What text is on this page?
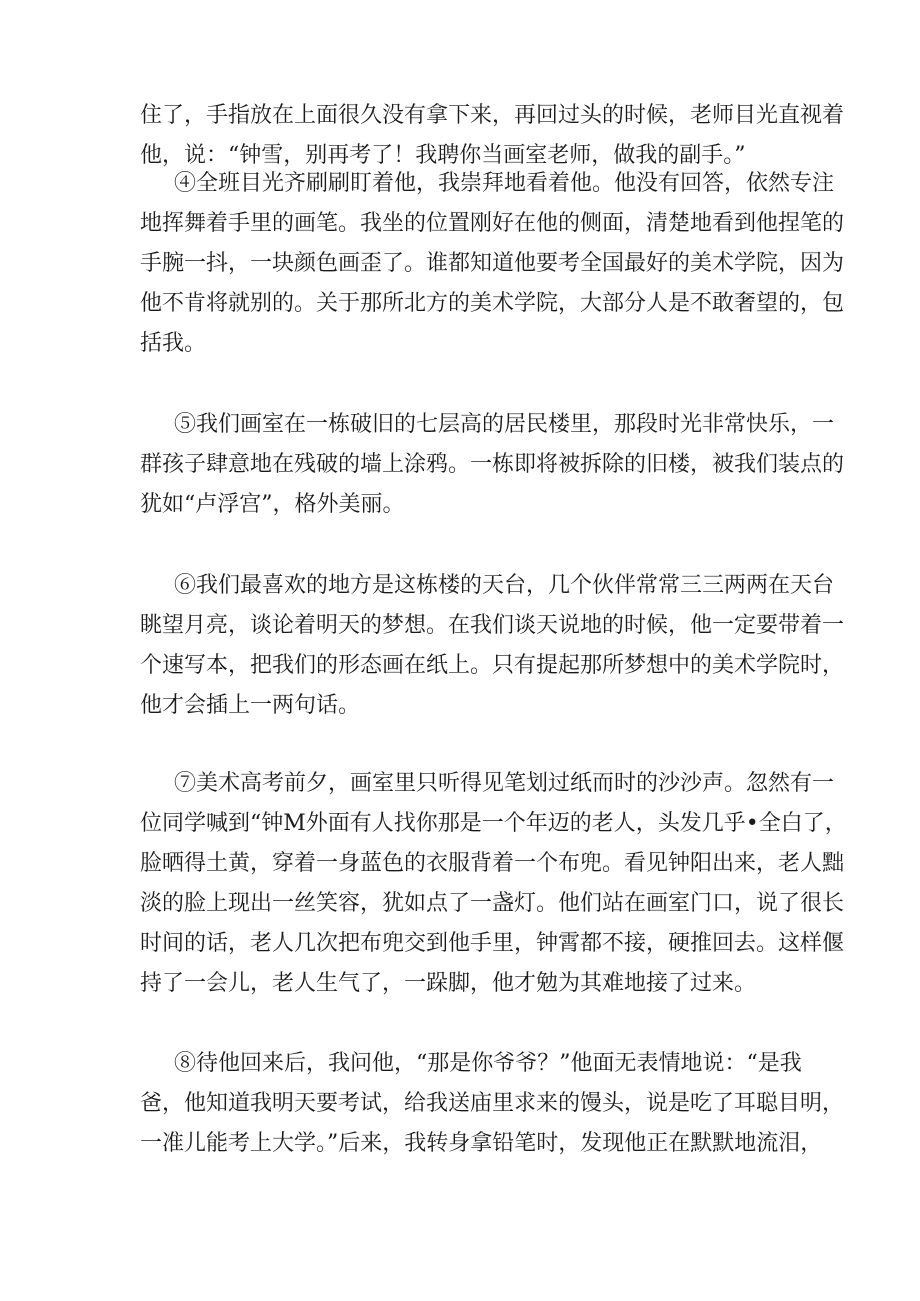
住了，手指放在上面很久没有拿下来，再回过头的时候，老师目光直视着
他，说：“钟雪，别再考了！我聘你当画室老师，做我的副手。”
④全班目光齐刷刷盯着他，我崇拜地看着他。他没有回答，依然专注
地挥舞着手里的画笔。我坐的位置刚好在他的侧面，清楚地看到他捏笔的
手腕一抖，一块颜色画歪了。谁都知道他要考全国最好的美术学院，因为
他不肯将就别的。关于那所北方的美术学院，大部分人是不敢奢望的，包
括我。
⑤我们画室在一栋破旧的七层高的居民楼里，那段时光非常快乐，一
群孩子肆意地在残破的墙上涂鸦。一栋即将被拆除的旧楼，被我们装点的
犹如“卢浮宫”，格外美丽。
⑥我们最喜欢的地方是这栋楼的天台，几个伙伴常常三三两两在天台
眺望月亮，谈论着明天的梦想。在我们谈天说地的时候，他一定要带着一
个速写本，把我们的形态画在纸上。只有提起那所梦想中的美术学院时，
他才会插上一两句话。
⑦美术高考前夕，画室里只听得见笔划过纸而时的沙沙声。忽然有一
位同学喊到“钟M外面有人找你那是一个年迈的老人，头发几乎•全白了，
脸晒得土黄，穿着一身蓝色的衣服背着一个布兜。看见钟阳出来，老人黜
淡的脸上现出一丝笑容，犹如点了一盏灯。他们站在画室门口，说了很长
时间的话，老人几次把布兜交到他手里，钟霄都不接，硬推回去。这样偃
持了一会儿，老人生气了，一跺脚，他才勉为其难地接了过来。
⑧待他回来后，我问他，“那是你爷爷？”他面无表情地说：“是我
爸，他知道我明天要考试，给我送庙里求来的馒头，说是吃了耳聪目明，
一准儿能考上大学。”后来，我转身拿铅笔时，发现他正在默默地流泪，
